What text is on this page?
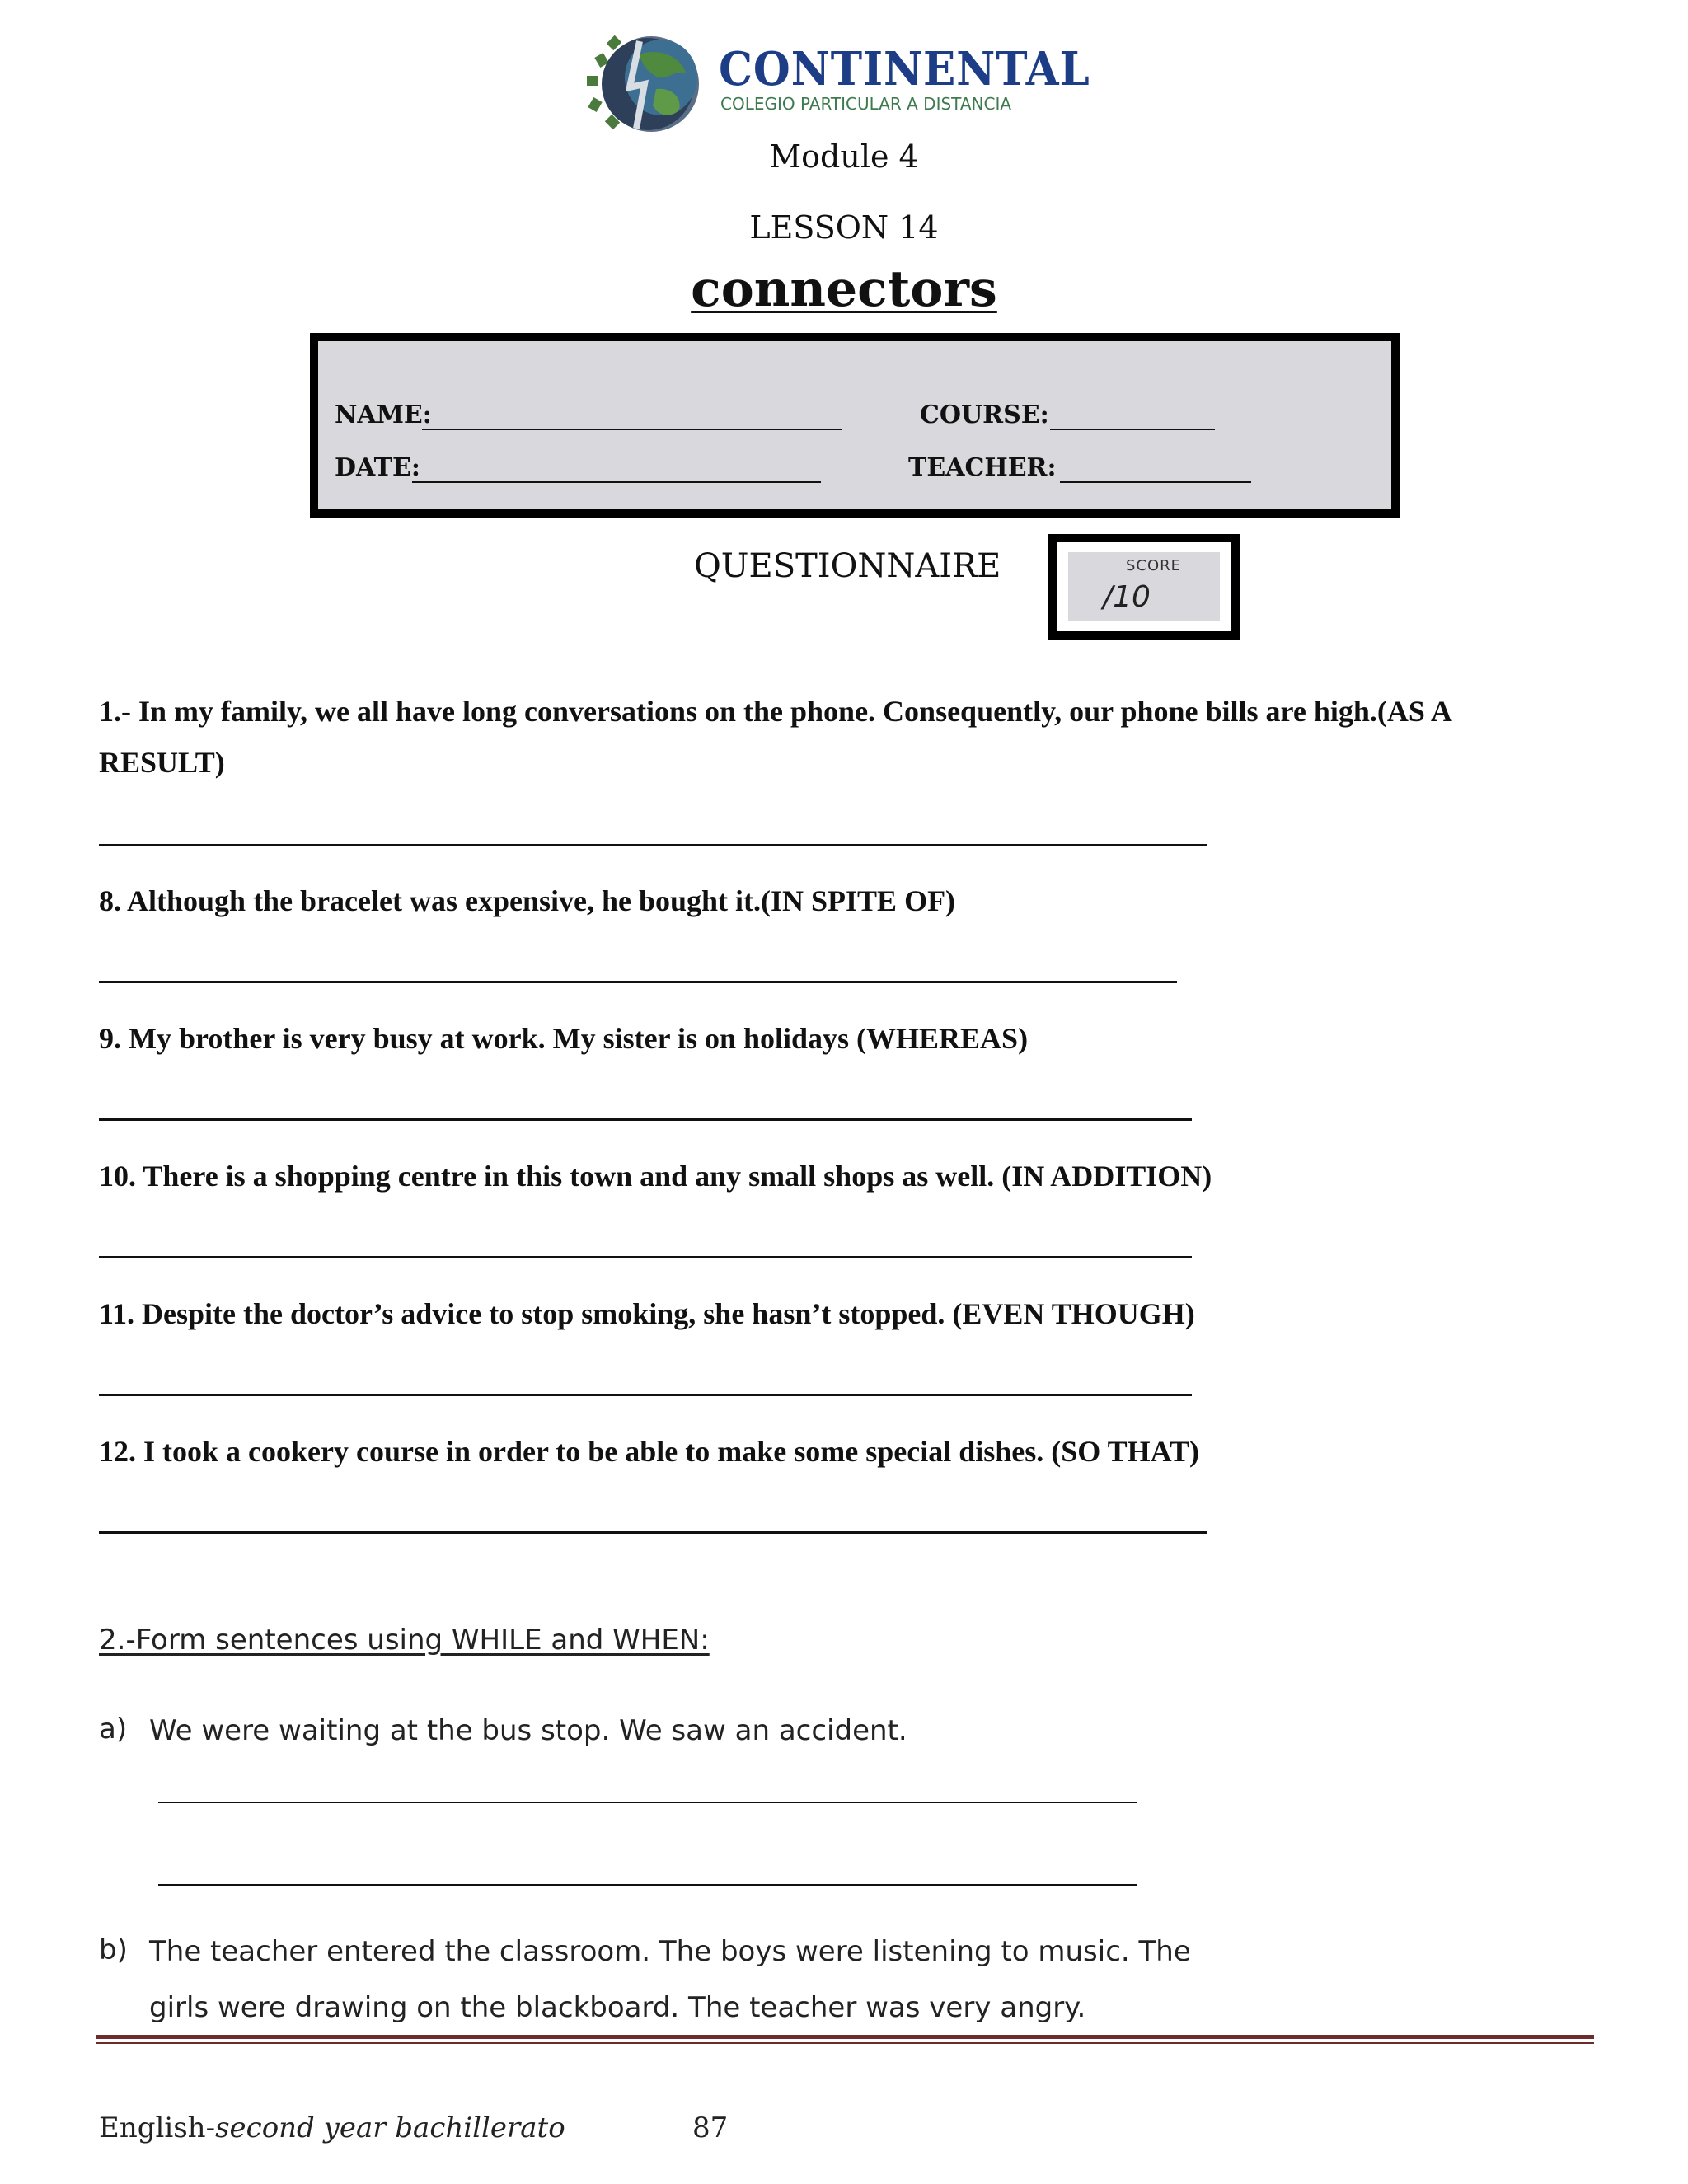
CONTINENTAL
COLEGIO PARTICULAR A DISTANCIA
Module 4
LESSON 14
connectors
NAME:	COURSE:
DATE:	TEACHER:
QUESTIONNAIRE	SCORE
/10
1.- In my family, we all have long conversations on the phone. Consequently, our phone bills are high.(AS A RESULT)
8. Although the bracelet was expensive, he bought it.(IN SPITE OF)
9. My brother is very busy at work. My sister is on holidays (WHEREAS)
10. There is a shopping centre in this town and any small shops as well. (IN ADDITION)
11. Despite the doctor’s advice to stop smoking, she hasn’t stopped. (EVEN THOUGH)
12. I took a cookery course in order to be able to make some special dishes. (SO THAT)
2.-Form sentences using WHILE and WHEN:
a) We were waiting at the bus stop. We saw an accident.
b) The teacher entered the classroom. The boys were listening to music. The girls were drawing on the blackboard. The teacher was very angry.
English-second year bachillerato	87
